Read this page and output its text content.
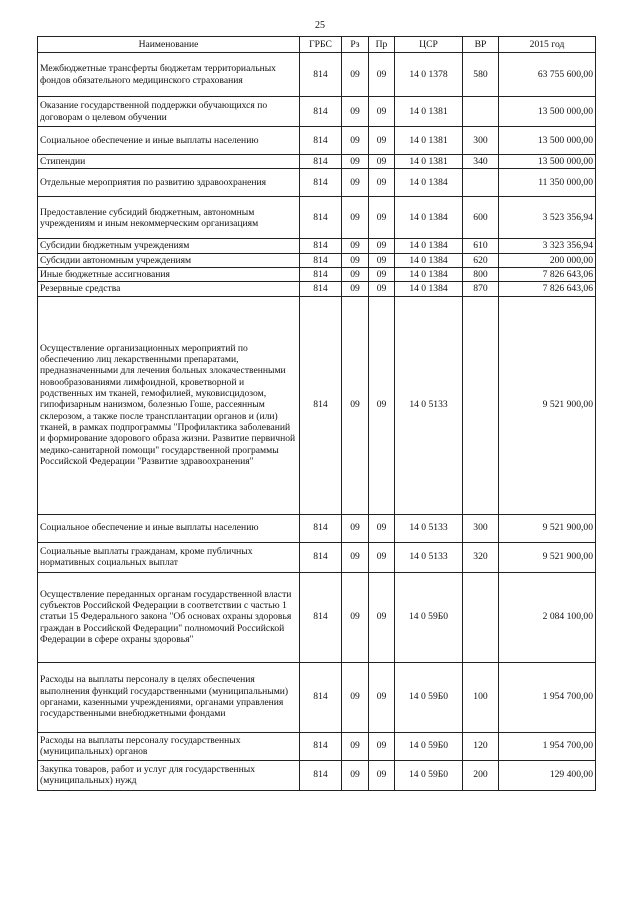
25
Наименование	ГРБС	Рз	Пр	ЦСР	ВР	2015 год
Межбюджетные трансферты бюджетам территориальных фондов обязательного медицинского страхования	814	09	09	14 0 1378	580	63 755 600,00
Оказание государственной поддержки обучающихся по договорам о целевом обучении	814	09	09	14 0 1381		13 500 000,00
Социальное обеспечение и иные выплаты населению	814	09	09	14 0 1381	300	13 500 000,00
Стипендии	814	09	09	14 0 1381	340	13 500 000,00
Отдельные мероприятия по развитию здравоохранения	814	09	09	14 0 1384		11 350 000,00
Предоставление субсидий бюджетным, автономным учреждениям и иным некоммерческим организациям	814	09	09	14 0 1384	600	3 523 356,94
Субсидии бюджетным учреждениям	814	09	09	14 0 1384	610	3 323 356,94
Субсидии автономным учреждениям	814	09	09	14 0 1384	620	200 000,00
Иные бюджетные ассигнования	814	09	09	14 0 1384	800	7 826 643,06
Резервные средства	814	09	09	14 0 1384	870	7 826 643,06
Осуществление организационных мероприятий по обеспечению лиц лекарственными препаратами, предназначенными для лечения больных злокачественными новообразованиями лимфоидной, кроветворной и родственных им тканей, гемофилией, муковисцидозом, гипофизарным нанизмом, болезнью Гоше, рассеянным склерозом, а также после трансплантации органов и (или) тканей, в рамках подпрограммы "Профилактика заболеваний и формирование здорового образа жизни. Развитие первичной медико-санитарной помощи" государственной программы Российской Федерации "Развитие здравоохранения"	814	09	09	14 0 5133		9 521 900,00
Социальное обеспечение и иные выплаты населению	814	09	09	14 0 5133	300	9 521 900,00
Социальные выплаты гражданам, кроме публичных нормативных социальных выплат	814	09	09	14 0 5133	320	9 521 900,00
Осуществление переданных органам государственной власти субъектов Российской Федерации в соответствии с частью 1 статьи 15 Федерального закона "Об основах охраны здоровья граждан в Российской Федерации" полномочий Российской Федерации в сфере охраны здоровья"	814	09	09	14 0 59Б0		2 084 100,00
Расходы на выплаты персоналу в целях обеспечения выполнения функций государственными (муниципальными) органами, казенными учреждениями, органами управления государственными внебюджетными фондами	814	09	09	14 0 59Б0	100	1 954 700,00
Расходы на выплаты персоналу государственных (муниципальных) органов	814	09	09	14 0 59Б0	120	1 954 700,00
Закупка товаров, работ и услуг для государственных (муниципальных) нужд	814	09	09	14 0 59Б0	200	129 400,00
